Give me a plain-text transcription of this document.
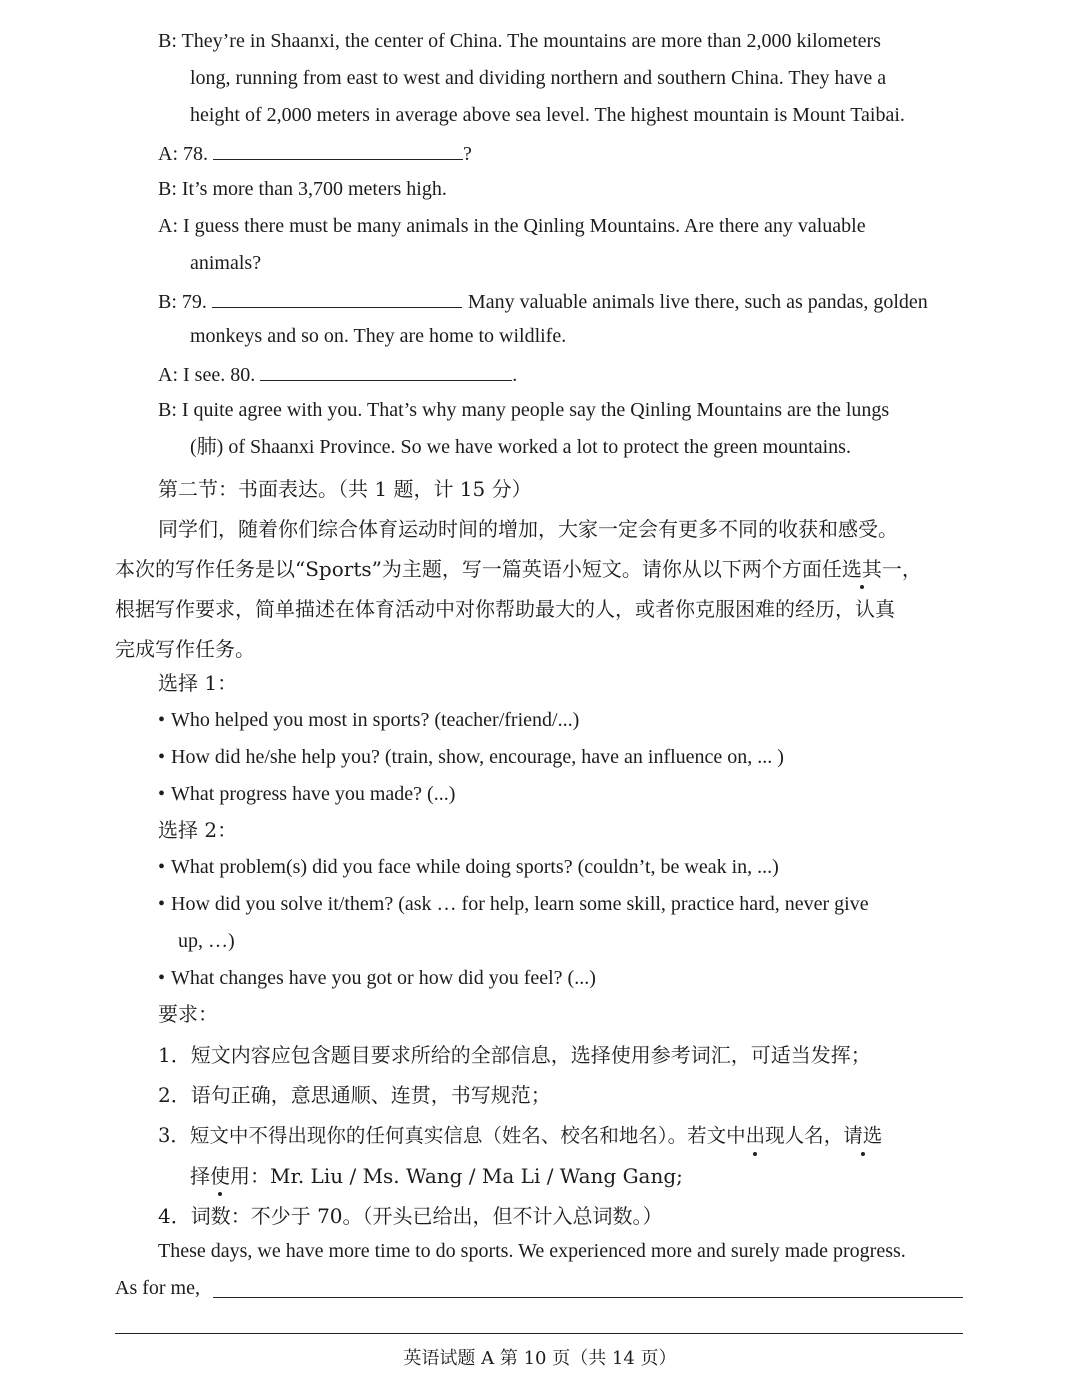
B: They’re in Shaanxi, the center of China. The mountains are more than 2,000 kilometers
long, running from east to west and dividing northern and southern China. They have a
height of 2,000 meters in average above sea level. The highest mountain is Mount Taibai.
A: 78.	?
B: It’s more than 3,700 meters high.
A: I guess there must be many animals in the Qinling Mountains. Are there any valuable
animals?
B: 79.	Many valuable animals live there, such as pandas, golden
monkeys and so on. They are home to wildlife.
A: I see. 80.	.
B: I quite agree with you. That’s why many people say the Qinling Mountains are the lungs
(肺) of Shaanxi Province. So we have worked a lot to protect the green mountains.
第二节：书面表达。（共 1 题，计 15 分）
同学们，随着你们综合体育运动时间的增加，大家一定会有更多不同的收获和感受。
本次的写作任务是以“Sports”为主题，写一篇英语小短文。请你从以下两个方面任选其一，
根据写作要求，简单描述在体育活动中对你帮助最大的人，或者你克服困难的经历，认真
完成写作任务。
选择 1：
• Who helped you most in sports? (teacher/friend/...)
• How did he/she help you? (train, show, encourage, have an influence on, ... )
• What progress have you made? (...)
选择 2：
• What problem(s) did you face while doing sports? (couldn’t, be weak in, ...)
• How did you solve it/them? (ask … for help, learn some skill, practice hard, never give
up, …)
• What changes have you got or how did you feel? (...)
要求：
1．短文内容应包含题目要求所给的全部信息，选择使用参考词汇，可适当发挥；
2．语句正确，意思通顺、连贯，书写规范；
3．短文中不得出现你的任何真实信息（姓名、校名和地名）。若文中出现人名，请选
择使用：Mr. Liu / Ms. Wang / Ma Li / Wang Gang;
4．词数：不少于 70。（开头已给出，但不计入总词数。）
These days, we have more time to do sports. We experienced more and surely made progress.
As for me,
英语试题 A 第 10 页（共 14 页）
